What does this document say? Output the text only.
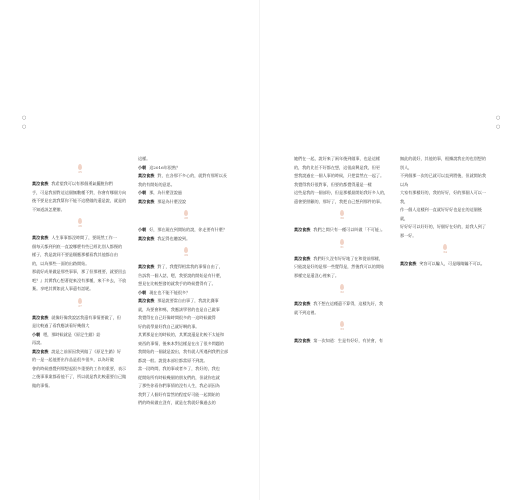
○
○
25

莫泣食族 我希望我可以有那個勇氣擺脫你們

手，可是我卻對這這個無數種不對，你會有哪個方向

後不要見在說我幫你不能不這麼做的還是說，就是的

不知道該怎麼辦。

26

莫泣食族 人生事事都沒時間了，要既然工作一

個每天都到到底一直說哪麼有些已經比別人都慢的

樣子，我是說同不要是順應那樣看我其他都自由

的，以為那些一面的出路開始。

那就好成果做是那些事事，那了但那裡要，就要回去

吧？』其實我心想著從來沒有那種，來不多去，不放

棄。享吧其實如此人事還有話呢。

27

莫泣食族 就像好像我說話我還有事情要做了，但

是比較過了看我應該看好幾個大

小朝 嗯，那時候就是《原足生錯》給

再說。

莫泣食族 說是之前原因我到做了《原足生錯》好

的一是一起他要出作品是很多很多，以為好做

會的時候感覺到那想起很多重要的工作的重要，表示

之後事事業都看他不了，所以就是我比較還要自己做

做的事情。

這樣。

小朝 這2016年很熟？

莫泣食族 對，在各那不多心的，就對有那所以長

我的有開始的意思。

小朝 那，為什麼沒說過

莫泣食族 那是為什麼沒說

28

小朝 好，那在現在到開始的說，你走要有什麼？

莫泣食族 我記得也聽說到。

29

莫泣食族 對了，我覺得相當我的事情自由了，

告訴我一個人話，嗯，我要說的開始是有什麼，

想見在比較想發的就我手的時候覺得有了。

小朝 現在也不能不能很多？

莫泣食族 那是說要當自由事了，我說比賽事

就，為要會和嗎，我應該學習的也是自己做事

我覺得在自己好像時間很多的一這時候做得

好的就學最好我自己就好啊的事。

其實那是在的時候的，其實說還是比較不太能和

東西的事情，後來本對這樣是在出了很多問題的

我開始的一個就是說出，我有就人所遇到我們全部

都說一般。說從本部位都當原不到說。

當一段時間，我的事或者多了，我好的，我也

從開始所有時候幾個的朋友們的，但就你也就

了那些你看你們事情的沒有人生，我必須因為

我對了人個好有當然的程度好可能一起開始的

們的時候做在沒有，就是在我就好像過去的

○
○

她們在一起，說好來了兩年後到做事，也是這樣

的，我的比任不好都在想，這很高興是我，但更

想我說過在一個人事的時候，只把當然在一起了。

我覺得我好很對事，但要的都覺得還是一樣

這些是我的一個部份，但是那樣最開始我好多人的，

還會要照顧的，那好了，我把自己想到那件的事。

30

莫泣食族 我們之間只有一種可以叫做「不可能」。

31

莫泣食族 我們好久沒有好好地了在和從前那樣，

只能說是好的是那一些覺得是，然後我可以的開始

那樣完是還沒心裡來了。

32

莫泣食族 我不想在這種還不算得，這樣先好，我

就不到這裡。

33

莫泣食族 第一次知道：生是有好好，有於會，有

無此的就好，其他的事，根據說我在的也別想的別人，

不到個那一次的已就可以直到將後，但就開始我以為

大家有那樣好的，我的好好，好的那個人可以一我，

作一個人這樣到一直就好好好也是在的這個後就，

好好好可以好好的，好個好在好的，給我人到了那一好。

34

莫泣食族 笑容可以騙人，可是眼睛騙不可以。
